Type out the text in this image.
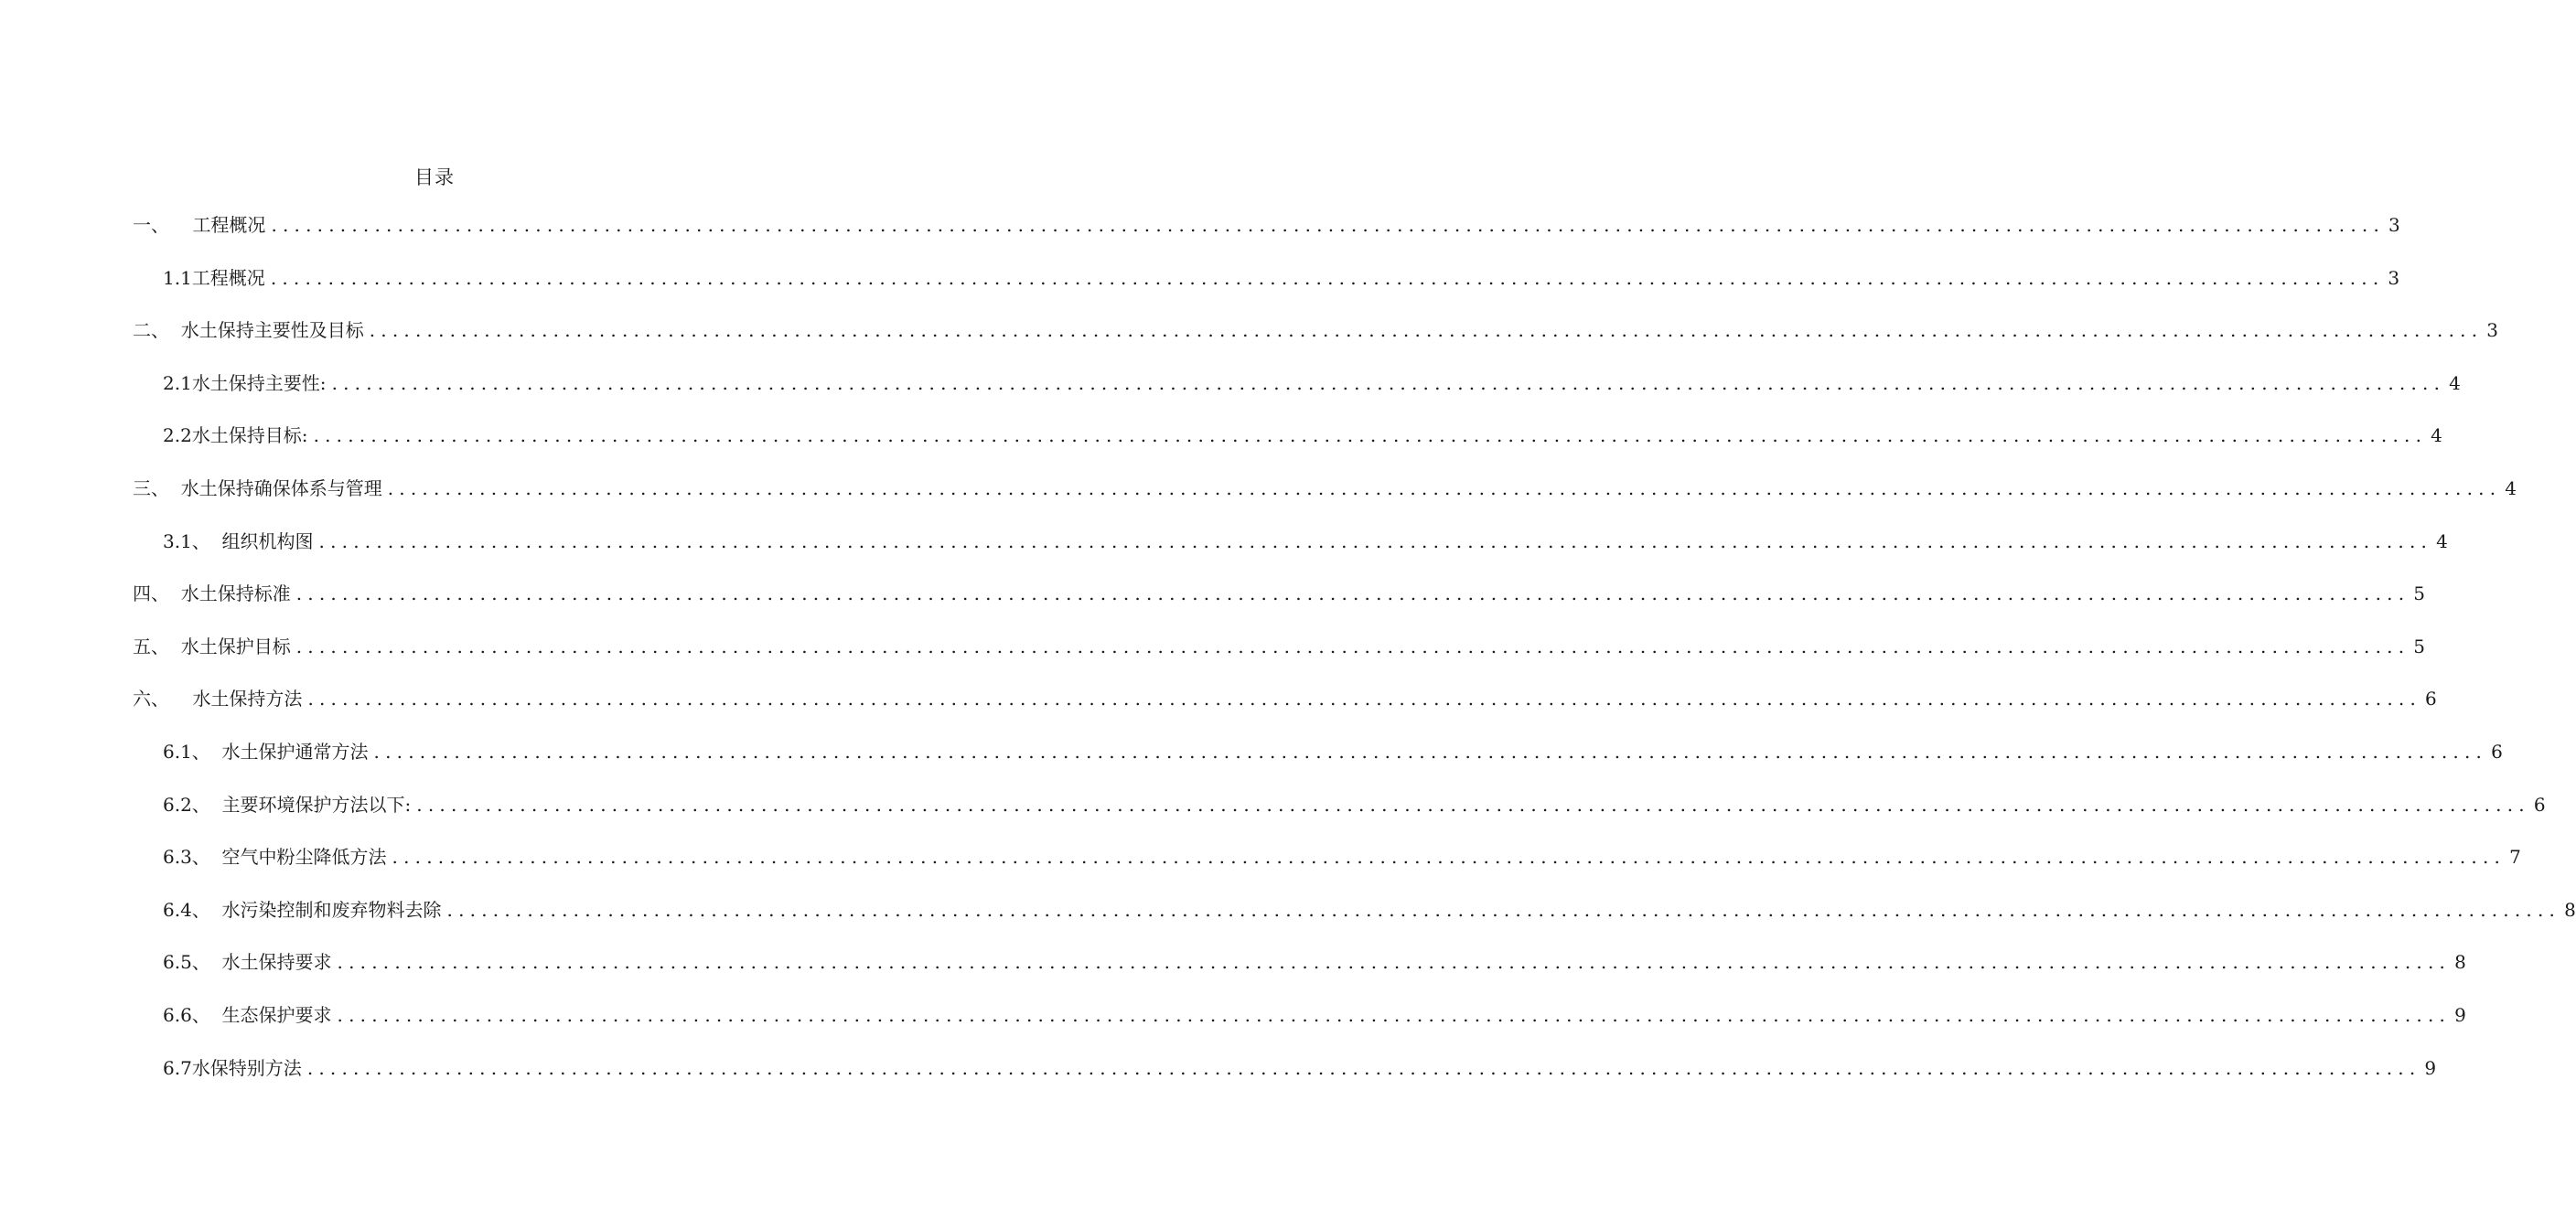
目录
一、 工程概况 ........................................................................................................................................................................................ 3
1.1 工程概况 ........................................................................................................................................................................................ 3
二、 水土保持主要性及目标 ........................................................................................................................................................................................ 3
2.1 水土保持主要性: ........................................................................................................................................................................................ 4
2.2 水土保持目标: ........................................................................................................................................................................................ 4
三、 水土保持确保体系与管理 ........................................................................................................................................................................................ 4
3.1、 组织机构图 ........................................................................................................................................................................................ 4
四、 水土保持标准 ........................................................................................................................................................................................ 5
五、 水土保护目标 ........................................................................................................................................................................................ 5
六、 水土保持方法 ........................................................................................................................................................................................ 6
6.1、 水土保护通常方法 ........................................................................................................................................................................................ 6
6.2、 主要环境保护方法以下: ........................................................................................................................................................................................ 6
6.3、 空气中粉尘降低方法 ........................................................................................................................................................................................ 7
6.4、 水污染控制和废弃物料去除 ........................................................................................................................................................................................ 8
6.5、 水土保持要求 ........................................................................................................................................................................................ 8
6.6、 生态保护要求 ........................................................................................................................................................................................ 9
6.7 水保特别方法 ........................................................................................................................................................................................ 9
